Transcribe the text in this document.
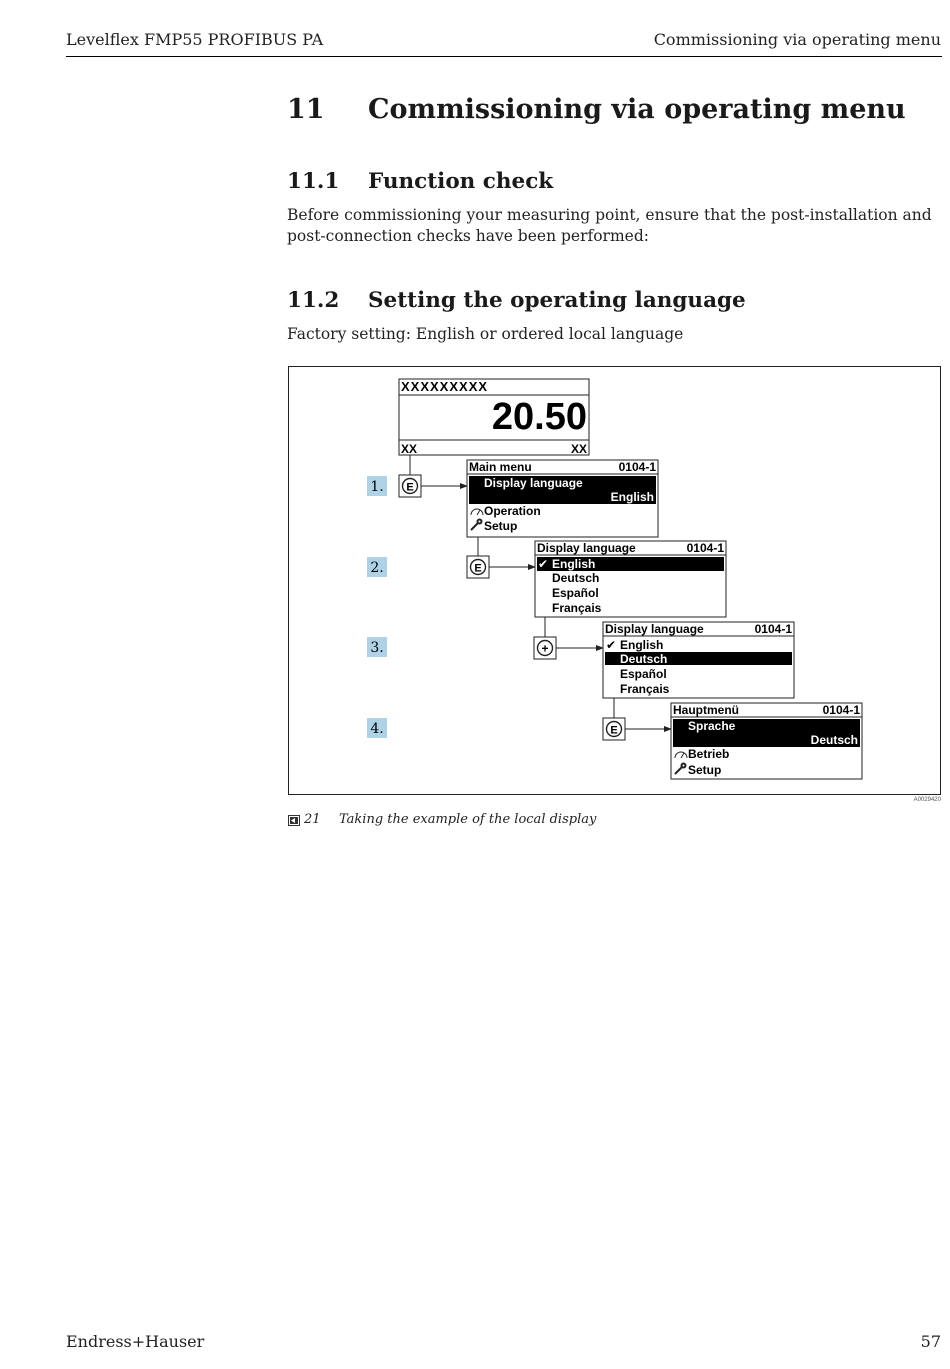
Levelflex FMP55 PROFIBUS PA	Commissioning via operating menu
11 Commissioning via operating menu
11.1 Function check
Before commissioning your measuring point, ensure that the post-installation and post-connection checks have been performed:
11.2 Setting the operating language
Factory setting: English or ordered local language
XXXXXXXXX
20.50
XX	XX
1.
2.
3.
4.
E
E
+
E
Main menu	0104-1
Display language
English
Operation
Setup
Display language	0104-1
✔ English
Deutsch
Español
Français
Display language	0104-1
✔ English
Deutsch
Español
Français
Hauptmenü	0104-1
Sprache
Deutsch
Betrieb
Setup
A0029420
21 Taking the example of the local display
Endress+Hauser	57
